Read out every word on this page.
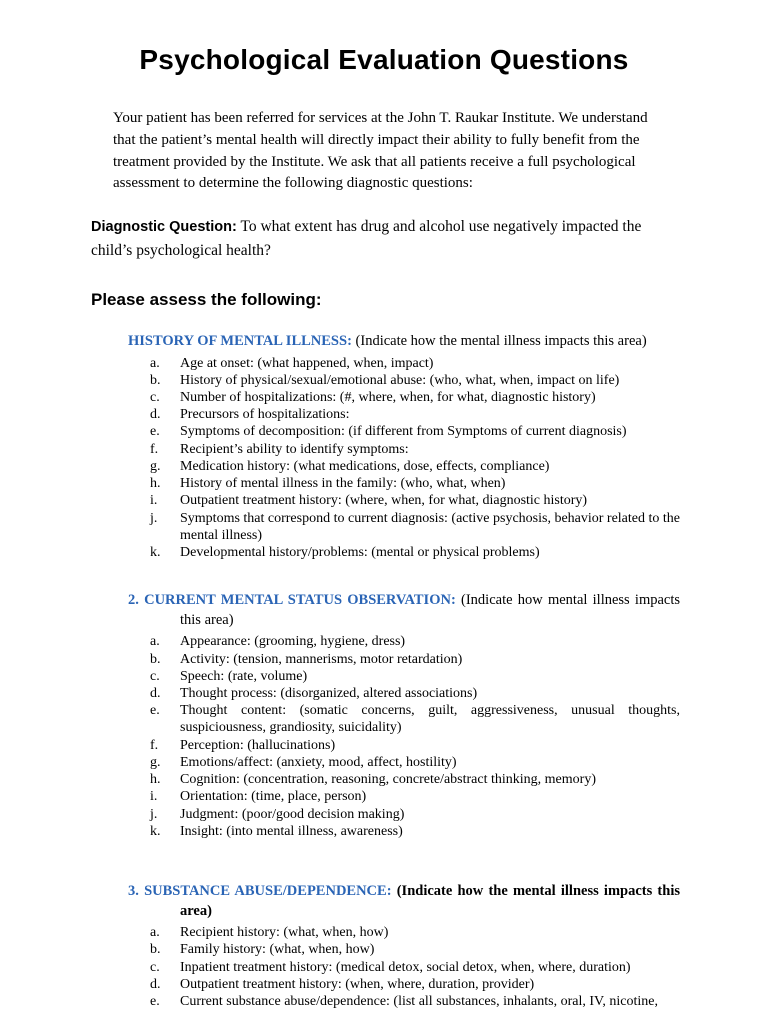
Psychological Evaluation Questions

Your patient has been referred for services at the John T. Raukar Institute. We understand that the patient’s mental health will directly impact their ability to fully benefit from the treatment provided by the Institute. We ask that all patients receive a full psychological assessment to determine the following diagnostic questions:

Diagnostic Question: To what extent has drug and alcohol use negatively impacted the child’s psychological health?

Please assess the following:
HISTORY OF MENTAL ILLNESS: (Indicate how the mental illness impacts this area)
a.	Age at onset: (what happened, when, impact)
b.	History of physical/sexual/emotional abuse: (who, what, when, impact on life)
c.	Number of hospitalizations: (#, where, when, for what, diagnostic history)
d.	Precursors of hospitalizations:
e.	Symptoms of decomposition: (if different from Symptoms of current diagnosis)
f.	Recipient’s ability to identify symptoms:
g.	Medication history: (what medications, dose, effects, compliance)
h.	History of mental illness in the family: (who, what, when)
i.	Outpatient treatment history: (where, when, for what, diagnostic history)
j.	Symptoms that correspond to current diagnosis: (active psychosis, behavior related to the mental illness)
k.	Developmental history/problems: (mental or physical problems)
2. CURRENT MENTAL STATUS OBSERVATION: (Indicate how mental illness impacts this area)
a.	Appearance: (grooming, hygiene, dress)
b.	Activity: (tension, mannerisms, motor retardation)
c.	Speech: (rate, volume)
d.	Thought process: (disorganized, altered associations)
e.	Thought content: (somatic concerns, guilt, aggressiveness, unusual thoughts, suspiciousness, grandiosity, suicidality)
f.	Perception: (hallucinations)
g.	Emotions/affect: (anxiety, mood, affect, hostility)
h.	Cognition: (concentration, reasoning, concrete/abstract thinking, memory)
i.	Orientation: (time, place, person)
j.	Judgment: (poor/good decision making)
k.	Insight: (into mental illness, awareness)
3. SUBSTANCE ABUSE/DEPENDENCE: (Indicate how the mental illness impacts this area)
a.	Recipient history: (what, when, how)
b.	Family history: (what, when, how)
c.	Inpatient treatment history: (medical detox, social detox, when, where, duration)
d.	Outpatient treatment history: (when, where, duration, provider)
e.	Current substance abuse/dependence: (list all substances, inhalants, oral, IV, nicotine,
